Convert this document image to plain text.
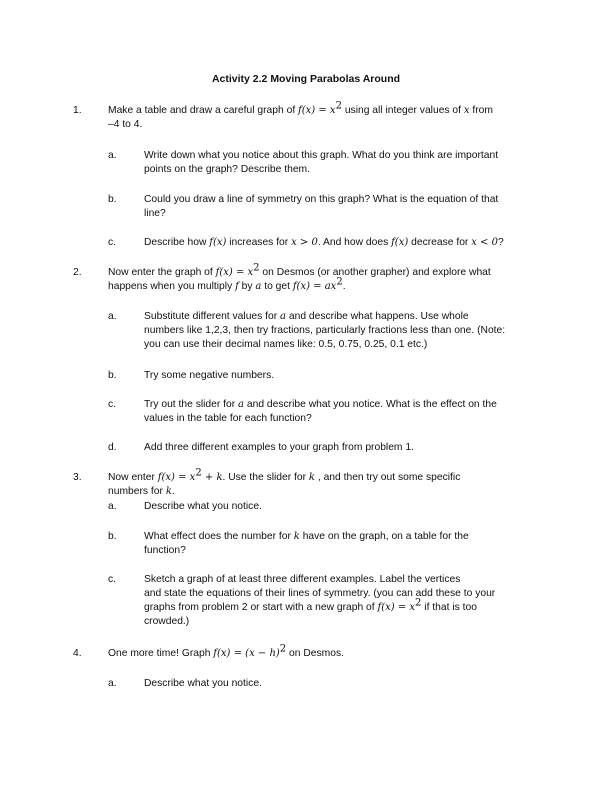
Activity 2.2 Moving Parabolas Around
1.	Make a table and draw a careful graph of $f(x) = x^2$ using all integer values of x from
–4 to 4.
a.	Write down what you notice about this graph. What do you think are important
points on the graph? Describe them.
b.	Could you draw a line of symmetry on this graph? What is the equation of that
line?
c.	Describe how f(x) increases for x > 0. And how does f(x) decrease for x < 0?
2.	Now enter the graph of $f(x) = x^2$ on Desmos (or another grapher) and explore what
happens when you multiply f by a to get $f(x) = ax^2$.
a.	Substitute different values for a and describe what happens. Use whole
numbers like 1,2,3, then try fractions, particularly fractions less than one. (Note:
you can use their decimal names like: 0.5, 0.75, 0.25, 0.1 etc.)
b.	Try some negative numbers.
c.	Try out the slider for a and describe what you notice. What is the effect on the
values in the table for each function?
d.	Add three different examples to your graph from problem 1.
3.	Now enter $f(x) = x^2 + k$. Use the slider for k , and then try out some specific
numbers for k.
a.	Describe what you notice.
b.	What effect does the number for k have on the graph, on a table for the
function?
c.	Sketch a graph of at least three different examples. Label the vertices
and state the equations of their lines of symmetry. (you can add these to your
graphs from problem 2 or start with a new graph of $f(x) = x^2$ if that is too
crowded.)
4.	One more time! Graph $f(x) = (x - h)^2$ on Desmos.
a.	Describe what you notice.
